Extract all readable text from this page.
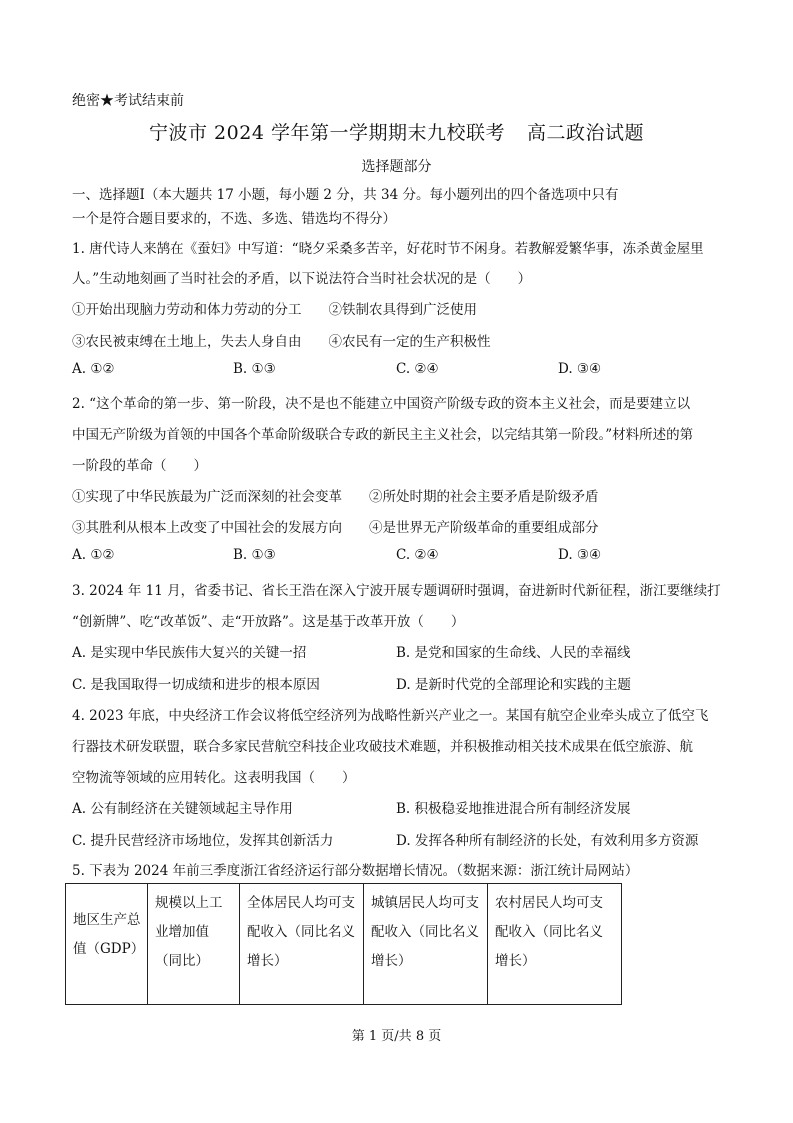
绝密★考试结束前
宁波市 2024 学年第一学期期末九校联考 高二政治试题
选择题部分
一、选择题Ⅰ（本大题共 17 小题，每小题 2 分，共 34 分。每小题列出的四个备选项中只有
一个是符合题目要求的，不选、多选、错选均不得分）
1. 唐代诗人来鹄在《蚕妇》中写道：“晓夕采桑多苦辛，好花时节不闲身。若教解爱繁华事，冻杀黄金屋里
人。”生动地刻画了当时社会的矛盾，以下说法符合当时社会状况的是（　　）
①开始出现脑力劳动和体力劳动的分工　　②铁制农具得到广泛使用
③农民被束缚在土地上，失去人身自由　　④农民有一定的生产积极性
A. ①②	B. ①③	C. ②④	D. ③④
2. “这个革命的第一步、第一阶段，决不是也不能建立中国资产阶级专政的资本主义社会，而是要建立以
中国无产阶级为首领的中国各个革命阶级联合专政的新民主主义社会，以完结其第一阶段。”材料所述的第
一阶段的革命（　　）
①实现了中华民族最为广泛而深刻的社会变革　　②所处时期的社会主要矛盾是阶级矛盾
③其胜利从根本上改变了中国社会的发展方向　　④是世界无产阶级革命的重要组成部分
A. ①②	B. ①③	C. ②④	D. ③④
3. 2024 年 11 月，省委书记、省长王浩在深入宁波开展专题调研时强调，奋进新时代新征程，浙江要继续打
“创新牌”、吃“改革饭”、走“开放路”。这是基于改革开放（　　）
A. 是实现中华民族伟大复兴的关键一招	B. 是党和国家的生命线、人民的幸福线
C. 是我国取得一切成绩和进步的根本原因	D. 是新时代党的全部理论和实践的主题
4. 2023 年底，中央经济工作会议将低空经济列为战略性新兴产业之一。某国有航空企业牵头成立了低空飞
行器技术研发联盟，联合多家民营航空科技企业攻破技术难题，并积极推动相关技术成果在低空旅游、航
空物流等领域的应用转化。这表明我国（　　）
A. 公有制经济在关键领域起主导作用	B. 积极稳妥地推进混合所有制经济发展
C. 提升民营经济市场地位，发挥其创新活力	D. 发挥各种所有制经济的长处，有效利用多方资源
5. 下表为 2024 年前三季度浙江省经济运行部分数据增长情况。（数据来源：浙江统计局网站）
地区生产总值（GDP）	规模以上工业增加值（同比）	全体居民人均可支配收入（同比名义增长）	城镇居民人均可支配收入（同比名义增长）	农村居民人均可支配收入（同比名义增长）
第 1 页/共 8 页
